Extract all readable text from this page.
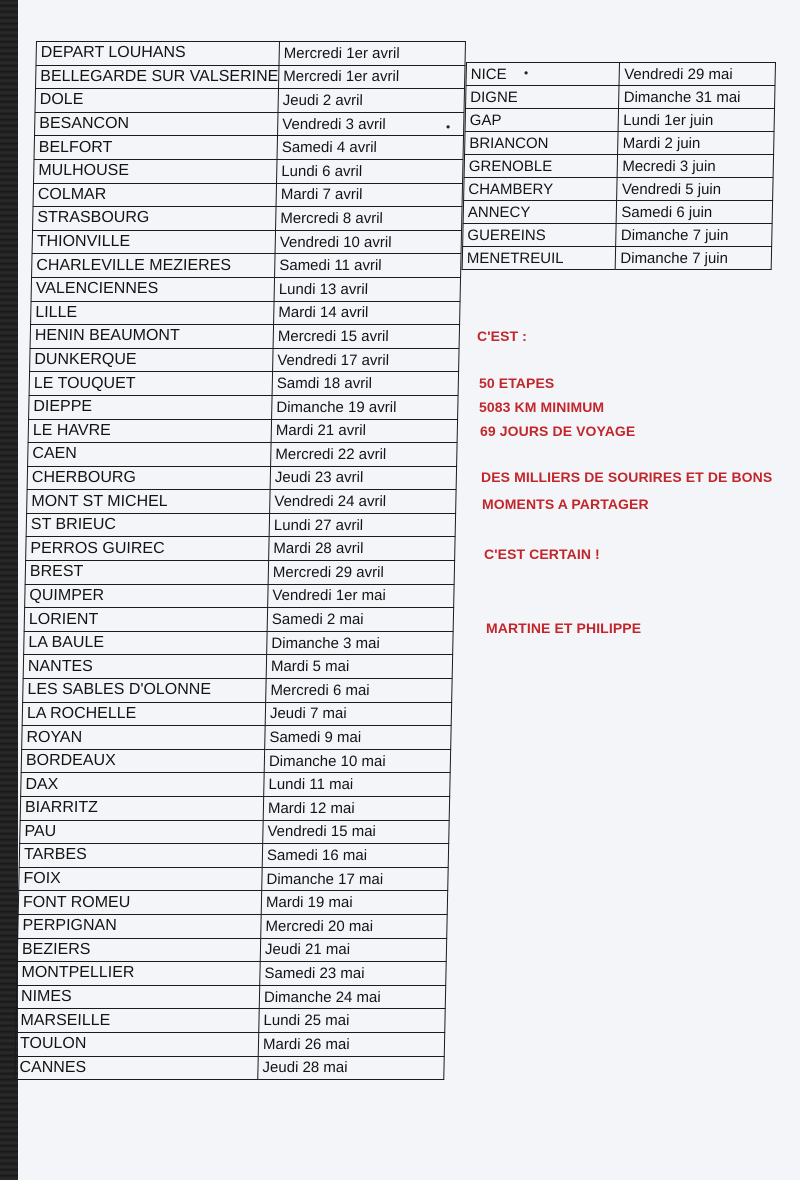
DEPART LOUHANS	Mercredi 1er avril
BELLEGARDE SUR VALSERINE	Mercredi 1er avril
DOLE	Jeudi 2 avril
BESANCON	Vendredi 3 avril
BELFORT	Samedi 4 avril
MULHOUSE	Lundi 6 avril
COLMAR	Mardi 7 avril
STRASBOURG	Mercredi 8 avril
THIONVILLE	Vendredi 10 avril
CHARLEVILLE MEZIERES	Samedi 11 avril
VALENCIENNES	Lundi 13 avril
LILLE	Mardi 14 avril
HENIN BEAUMONT	Mercredi 15 avril
DUNKERQUE	Vendredi 17 avril
LE TOUQUET	Samdi 18 avril
DIEPPE	Dimanche 19 avril
LE HAVRE	Mardi 21 avril
CAEN	Mercredi 22 avril
CHERBOURG	Jeudi 23 avril
MONT ST MICHEL	Vendredi 24 avril
ST BRIEUC	Lundi 27 avril
PERROS GUIREC	Mardi 28 avril
BREST	Mercredi 29 avril
QUIMPER	Vendredi 1er mai
LORIENT	Samedi 2 mai
LA BAULE	Dimanche 3 mai
NANTES	Mardi 5 mai
LES SABLES D'OLONNE	Mercredi 6 mai
LA ROCHELLE	Jeudi 7 mai
ROYAN	Samedi 9 mai
BORDEAUX	Dimanche 10 mai
DAX	Lundi 11 mai
BIARRITZ	Mardi 12 mai
PAU	Vendredi 15 mai
TARBES	Samedi 16 mai
FOIX	Dimanche 17 mai
FONT ROMEU	Mardi 19 mai
PERPIGNAN	Mercredi 20 mai
BEZIERS	Jeudi 21 mai
MONTPELLIER	Samedi 23 mai
NIMES	Dimanche 24 mai
MARSEILLE	Lundi 25 mai
TOULON	Mardi 26 mai
CANNES	Jeudi 28 mai
NICE	Vendredi 29 mai
DIGNE	Dimanche 31 mai
GAP	Lundi 1er juin
BRIANCON	Mardi 2 juin
GRENOBLE	Mecredi 3 juin
CHAMBERY	Vendredi 5 juin
ANNECY	Samedi 6 juin
GUEREINS	Dimanche 7 juin
MENETREUIL	Dimanche 7 juin
•
•
C'EST :
50 ETAPES
5083 KM MINIMUM
69 JOURS DE VOYAGE
DES MILLIERS DE SOURIRES ET DE BONS
MOMENTS A PARTAGER
C'EST CERTAIN !
MARTINE ET PHILIPPE
